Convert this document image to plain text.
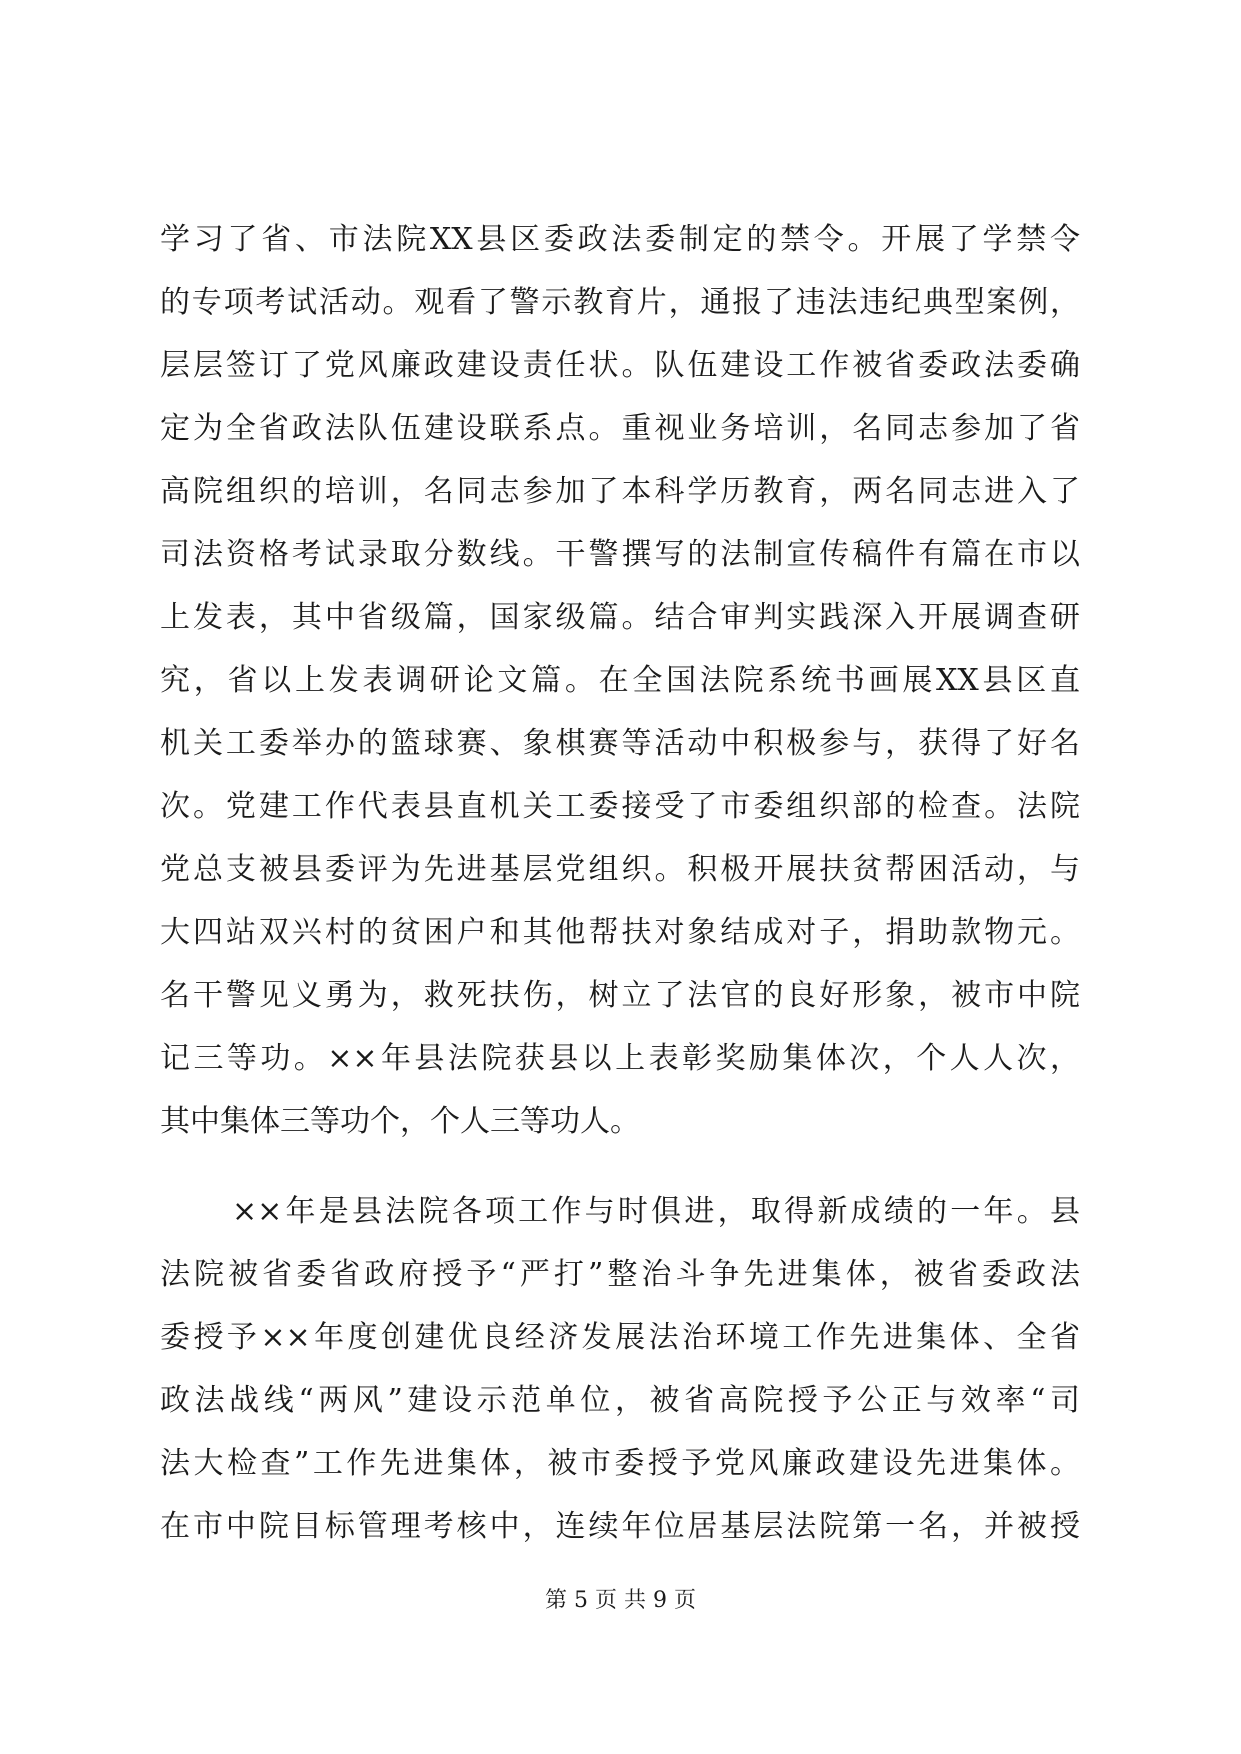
学习了省、市法院XX县区委政法委制定的禁令。开展了学禁令
的专项考试活动。观看了警示教育片，通报了违法违纪典型案例，
层层签订了党风廉政建设责任状。队伍建设工作被省委政法委确
定为全省政法队伍建设联系点。重视业务培训，名同志参加了省
高院组织的培训，名同志参加了本科学历教育，两名同志进入了
司法资格考试录取分数线。干警撰写的法制宣传稿件有篇在市以
上发表，其中省级篇，国家级篇。结合审判实践深入开展调查研
究，省以上发表调研论文篇。在全国法院系统书画展XX县区直
机关工委举办的篮球赛、象棋赛等活动中积极参与，获得了好名
次。党建工作代表县直机关工委接受了市委组织部的检查。法院
党总支被县委评为先进基层党组织。积极开展扶贫帮困活动，与
大四站双兴村的贫困户和其他帮扶对象结成对子，捐助款物元。
名干警见义勇为，救死扶伤，树立了法官的良好形象，被市中院
记三等功。××年县法院获县以上表彰奖励集体次，个人人次，
其中集体三等功个，个人三等功人。
××年是县法院各项工作与时俱进，取得新成绩的一年。县
法院被省委省政府授予“严打”整治斗争先进集体，被省委政法
委授予××年度创建优良经济发展法治环境工作先进集体、全省
政法战线“两风”建设示范单位，被省高院授予公正与效率“司
法大检查”工作先进集体，被市委授予党风廉政建设先进集体。
在市中院目标管理考核中，连续年位居基层法院第一名，并被授
第 5 页 共 9 页
